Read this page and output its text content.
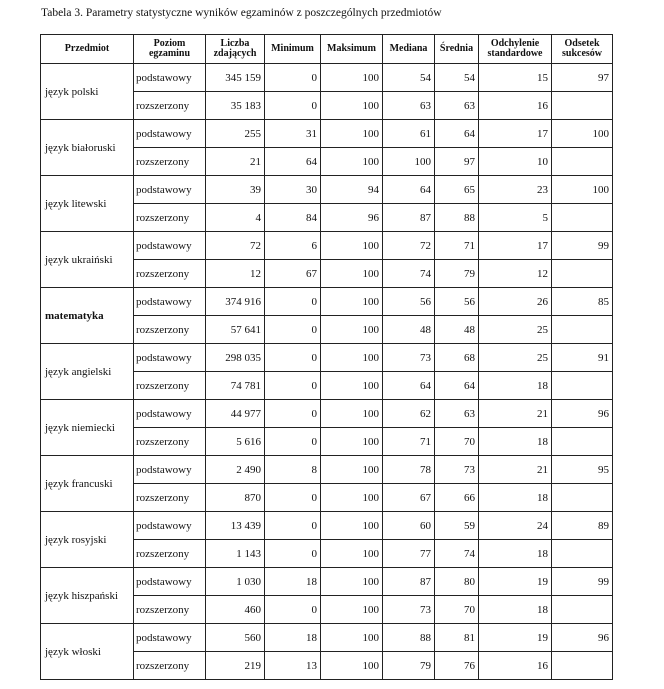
Tabela 3. Parametry statystyczne wyników egzaminów z poszczególnych przedmiotów
Przedmiot	Poziom egzaminu	Liczba zdających	Minimum	Maksimum	Mediana	Średnia	Odchylenie standardowe	Odsetek sukcesów
język polski	podstawowy	345 159	0	100	54	54	15	97
	rozszerzony	35 183	0	100	63	63	16	
język białoruski	podstawowy	255	31	100	61	64	17	100
	rozszerzony	21	64	100	100	97	10	
język litewski	podstawowy	39	30	94	64	65	23	100
	rozszerzony	4	84	96	87	88	5	
język ukraiński	podstawowy	72	6	100	72	71	17	99
	rozszerzony	12	67	100	74	79	12	
matematyka	podstawowy	374 916	0	100	56	56	26	85
	rozszerzony	57 641	0	100	48	48	25	
język angielski	podstawowy	298 035	0	100	73	68	25	91
	rozszerzony	74 781	0	100	64	64	18	
język niemiecki	podstawowy	44 977	0	100	62	63	21	96
	rozszerzony	5 616	0	100	71	70	18	
język francuski	podstawowy	2 490	8	100	78	73	21	95
	rozszerzony	870	0	100	67	66	18	
język rosyjski	podstawowy	13 439	0	100	60	59	24	89
	rozszerzony	1 143	0	100	77	74	18	
język hiszpański	podstawowy	1 030	18	100	87	80	19	99
	rozszerzony	460	0	100	73	70	18	
język włoski	podstawowy	560	18	100	88	81	19	96
	rozszerzony	219	13	100	79	76	16	
